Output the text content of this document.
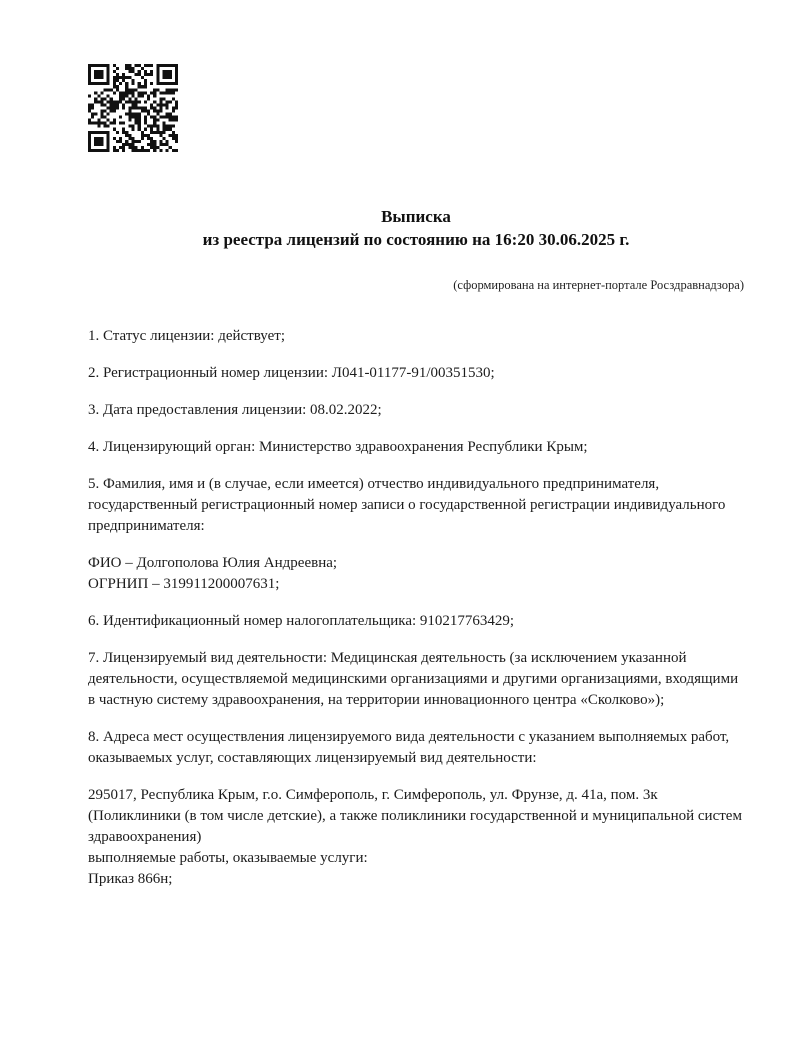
Выписка
из реестра лицензий по состоянию на 16:20 30.06.2025 г.
(сформирована на интернет-портале Росздравнадзора)

1. Статус лицензии: действует;

2. Регистрационный номер лицензии: Л041-01177-91/00351530;

3. Дата предоставления лицензии: 08.02.2022;

4. Лицензирующий орган: Министерство здравоохранения Республики Крым;

5. Фамилия, имя и (в случае, если имеется) отчество индивидуального предпринимателя, государственный регистрационный номер записи о государственной регистрации индивидуального предпринимателя:

ФИО – Долгополова Юлия Андреевна;
ОГРНИП – 319911200007631;

6. Идентификационный номер налогоплательщика: 910217763429;

7. Лицензируемый вид деятельности: Медицинская деятельность (за исключением указанной деятельности, осуществляемой медицинскими организациями и другими организациями, входящими в частную систему здравоохранения, на территории инновационного центра «Сколково»);

8. Адреса мест осуществления лицензируемого вида деятельности с указанием выполняемых работ, оказываемых услуг, составляющих лицензируемый вид деятельности:

295017, Республика Крым, г.о. Симферополь, г. Симферополь, ул. Фрунзе, д. 41а, пом. 3к (Поликлиники (в том числе детские), а также поликлиники государственной и муниципальной систем здравоохранения)
выполняемые работы, оказываемые услуги:
Приказ 866н;
